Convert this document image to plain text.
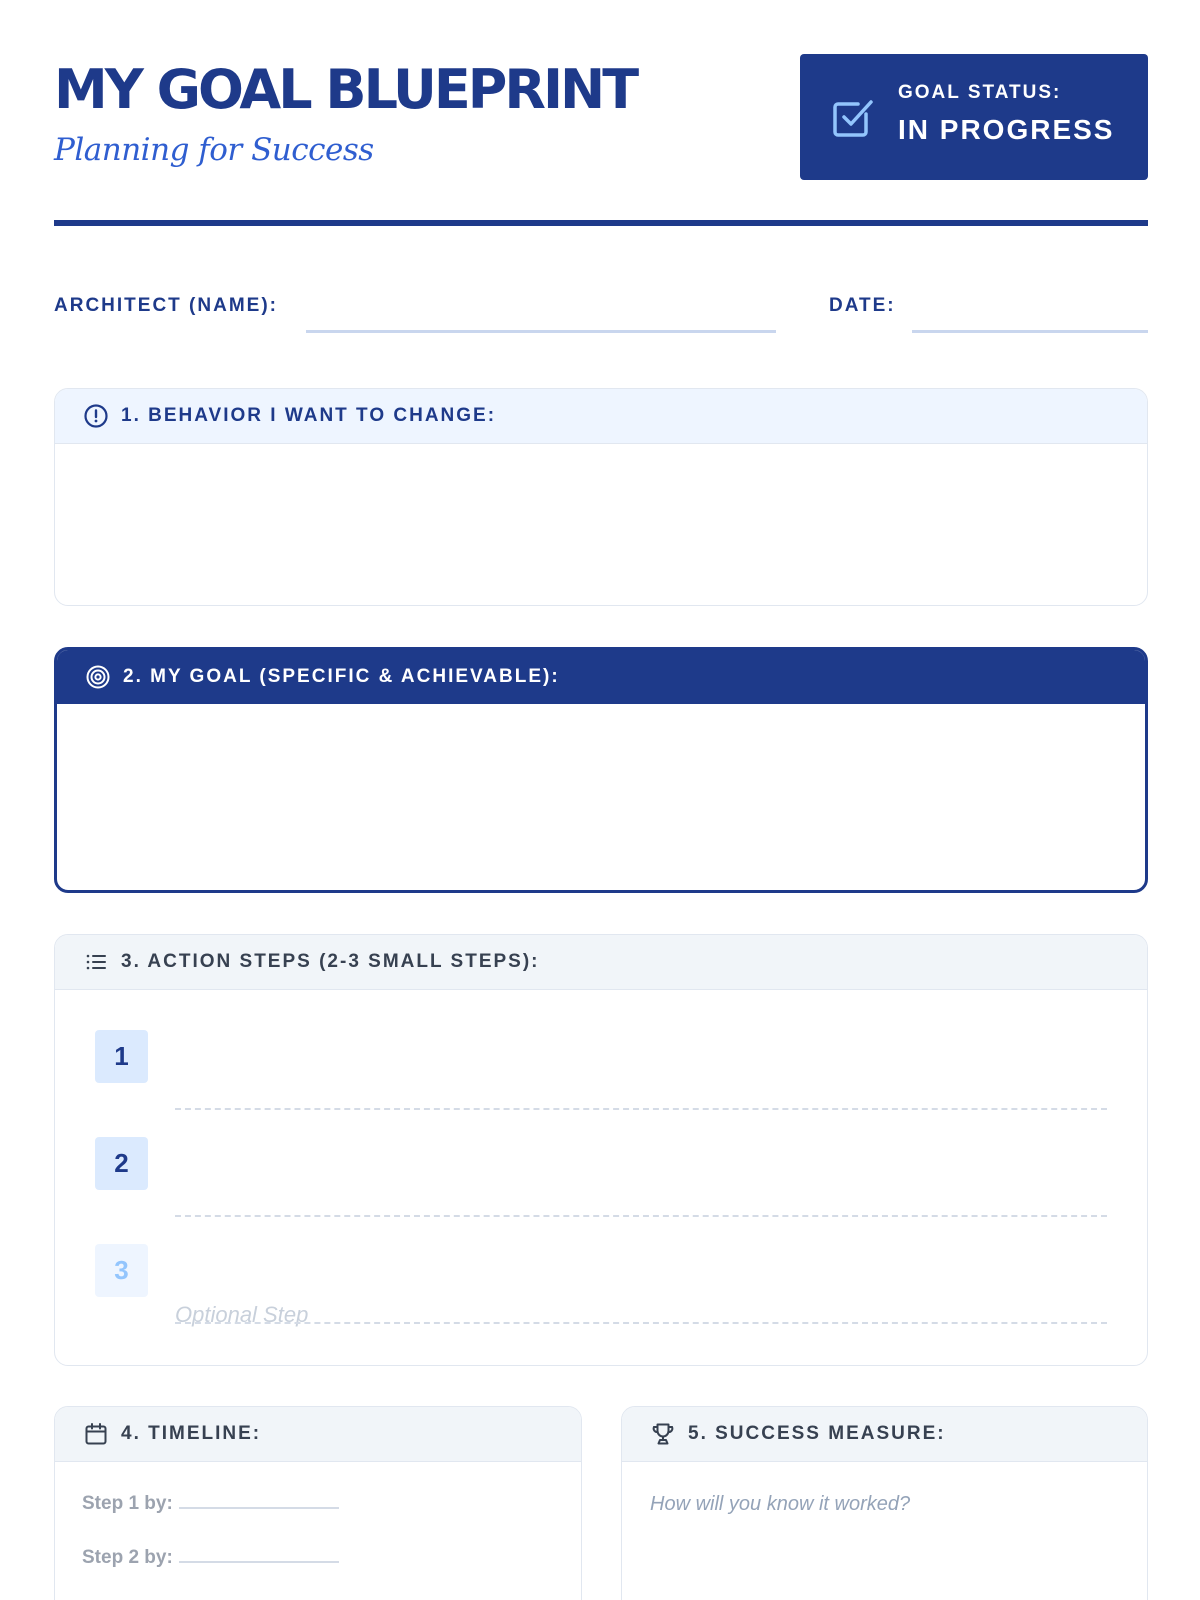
MY GOAL BLUEPRINT
Planning for Success
GOAL STATUS:
IN PROGRESS
ARCHITECT (NAME):	DATE:
1. BEHAVIOR I WANT TO CHANGE:
2. MY GOAL (SPECIFIC & ACHIEVABLE):
3. ACTION STEPS (2-3 SMALL STEPS):
1
2
3
Optional Step
4. TIMELINE:
Step 1 by:
Step 2 by:
5. SUCCESS MEASURE:
How will you know it worked?
